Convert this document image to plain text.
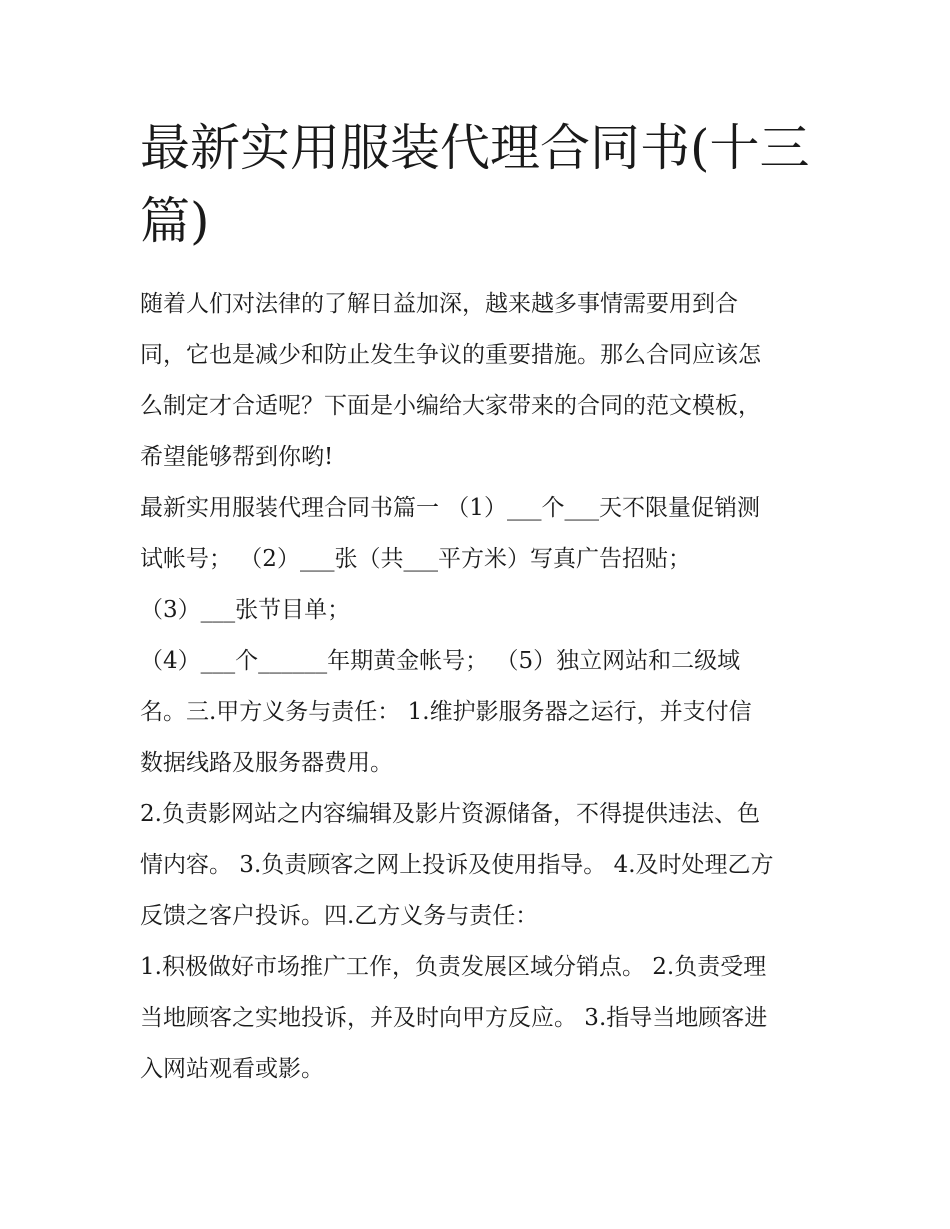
最新实用服装代理合同书(十三
篇)
随着人们对法律的了解日益加深，越来越多事情需要用到合
同，它也是减少和防止发生争议的重要措施。那么合同应该怎
么制定才合适呢？下面是小编给大家带来的合同的范文模板，
希望能够帮到你哟!
最新实用服装代理合同书篇一 （1）___个___天不限量促销测
试帐号； （2）___张（共___平方米）写真广告招贴；
（3）___张节目单；
（4）___个______年期黄金帐号； （5）独立网站和二级域
名。三.甲方义务与责任： 1.维护影服务器之运行，并支付信
数据线路及服务器费用。
2.负责影网站之内容编辑及影片资源储备，不得提供违法、色
情内容。 3.负责顾客之网上投诉及使用指导。 4.及时处理乙方
反馈之客户投诉。四.乙方义务与责任：
1.积极做好市场推广工作，负责发展区域分销点。 2.负责受理
当地顾客之实地投诉，并及时向甲方反应。 3.指导当地顾客进
入网站观看或影。
